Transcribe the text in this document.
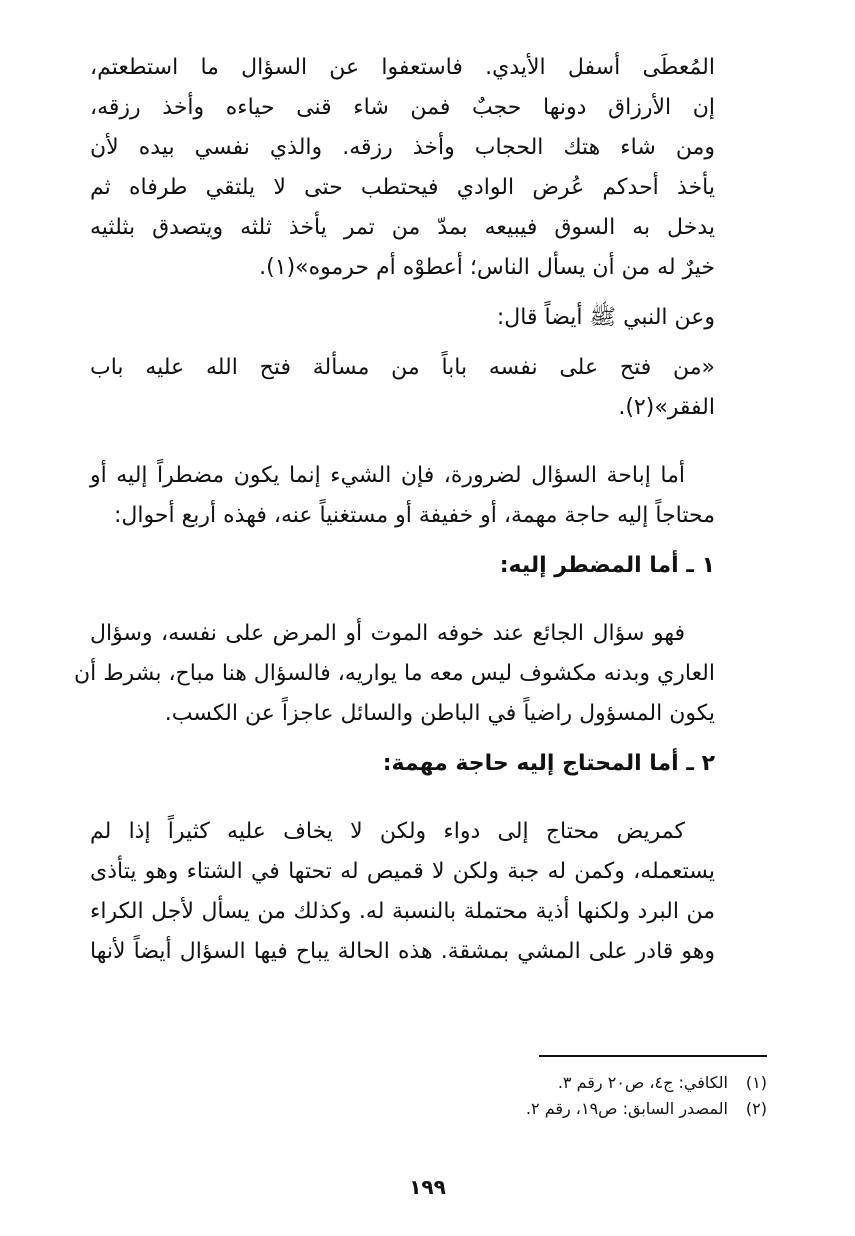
المُعطَى أسفل الأيدي. فاستعفوا عن السؤال ما استطعتم،
إن الأرزاق دونها حجبٌ فمن شاء قنى حياءه وأخذ رزقه،
ومن شاء هتك الحجاب وأخذ رزقه. والذي نفسي بيده لأن
يأخذ أحدكم عُرض الوادي فيحتطب حتى لا يلتقي طرفاه ثم
يدخل به السوق فيبيعه بمدّ من تمر يأخذ ثلثه ويتصدق بثلثيه
خيرٌ له من أن يسأل الناس؛ أعطوْه أم حرموه»(١).
وعن النبي ﷺ أيضاً قال:
«من فتح على نفسه باباً من مسألة فتح الله عليه باب
الفقر»(٢).
أما إباحة السؤال لضرورة، فإن الشيء إنما يكون مضطراً إليه أو
محتاجاً إليه حاجة مهمة، أو خفيفة أو مستغنياً عنه، فهذه أربع أحوال:
١ ـ أما المضطر إليه:
فهو سؤال الجائع عند خوفه الموت أو المرض على نفسه، وسؤال
العاري وبدنه مكشوف ليس معه ما يواريه، فالسؤال هنا مباح، بشرط أن
يكون المسؤول راضياً في الباطن والسائل عاجزاً عن الكسب.
٢ ـ أما المحتاج إليه حاجة مهمة:
كمريض محتاج إلى دواء ولكن لا يخاف عليه كثيراً إذا لم
يستعمله، وكمن له جبة ولكن لا قميص له تحتها في الشتاء وهو يتأذى
من البرد ولكنها أذية محتملة بالنسبة له. وكذلك من يسأل لأجل الكراء
وهو قادر على المشي بمشقة. هذه الحالة يباح فيها السؤال أيضاً لأنها
(١) الكافي: ج٤، ص٢٠ رقم ٣.
(٢) المصدر السابق: ص١٩، رقم ٢.
١٩٩
